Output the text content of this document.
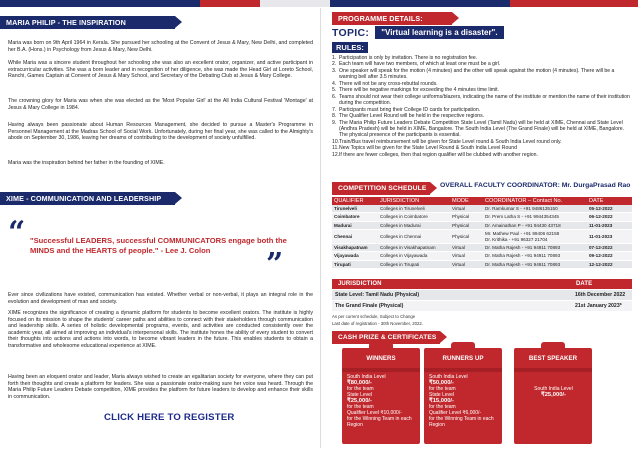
MARIA PHILIP - THE INSPIRATION
Maria was born on 9th April 1964 in Kerala. She pursued her schooling at the Convent of Jesus & Mary, New Delhi, and completed her B.A. (Hons.) in Psychology from Jesus & Mary, New Delhi.
While Maria was a sincere student throughout her schooling she was also an excellent orator, organizer, and active participant in extracurricular activities. She was a born leader and in recognition of her diligence, she was made the Head Girl at Loreto School, Ranchi, Games Captain at Convent of Jesus & Mary School, and Secretary of the Debating Club at Jesus & Mary College.
The crowning glory for Maria was when she was elected as the 'Most Popular Girl' at the All India Cultural Festival 'Montage' at Jesus & Mary College in 1984.
Having always been passionate about Human Resources Management, she decided to pursue a Master's Programme in Personnel Management at the Madras School of Social Work. Unfortunately, during her final year, she was called to the Almighty's abode on September 30, 1986, leaving her dreams of contributing to the development of society unfulfilled.
Maria was the inspiration behind her father in the founding of XIME.
XIME - COMMUNICATION AND LEADERSHIP
“ "Successful LEADERS, successful COMMUNICATORS engage both the MINDS and the HEARTS of people." - Lee J. Colon	”
Ever since civilizations have existed, communication has existed. Whether verbal or non-verbal, it plays an integral role in the evolution and development of man and society.
XIME recognizes the significance of creating a dynamic platform for students to become excellent orators. The institute is highly focused on its mission to shape the students' career paths and abilities to connect with their stakeholders through communication and leadership skills. A series of holistic developmental programs, events, and activities are conducted consistently over the academic year, all aimed at improving an individual's interpersonal skills. The institute hones the ability of every student to convert their thoughts into actions and actions into words, to become vibrant leaders in the future. This enables students to obtain a transformative and wholesome educational experience at XIME.
Having been an eloquent orator and leader, Maria always wished to create an egalitarian society for everyone, where they can put forth their thoughts and create a platform for leaders. She was a passionate orator-making sure her voice was heard. Through the Maria Philip Future Leaders Debate competition, XIME provides the platform for future leaders to develop and enhance their skills in communication.
CLICK HERE TO REGISTER
PROGRAMME DETAILS:
TOPIC:	"Virtual learning is a disaster".
RULES:
1. Participation is only by invitation. There is no registration fee.
2. Each team will have two members, of which at least one must be a girl.
3. One speaker will speak for the motion (4 minutes) and the other will speak against the motion (4 minutes). There will be a warning bell after 3.5 minutes.
4. There will not be any cross-rebuttal rounds.
5. There will be negative markings for exceeding the 4 minutes time limit.
6. Teams should not wear their college uniforms/blazers, indicating the name of the institute or mention the name of their institution during the competition.
7. Participants must bring their College ID cards for participation.
8. The Qualifier Level Round will be held in the respective regions.
9. The Maria Philip Future Leaders Debate Competition State Level (Tamil Nadu) will be held at XIME, Chennai and State Level (Andhra Pradesh) will be held in XIME, Bangalore. The South India Level (The Grand Finale) will be held at XIME, Bangalore. The physical presence of the participants is essential.
10. Train/Bus travel reimbursement will be given for State Level round & South India Level round only.
11. New Topics will be given for the State Level Round & South India Level Round
12. If there are fewer colleges, then that region qualifier will be clubbed with another region.
COMPETITION SCHEDULE	OVERALL FACULTY COORDINATOR: Mr. DurgaPrasad Rao
QUALIFIER	JURISDICTION	MODE	COORDINATOR – Contact No.	DATE
Tirunelveli	Colleges in Tirunelveli	Virtual	Dr. Ramkumar S - +91 9486135150	05-12-2022
Coimbatore	Colleges in Coimbatore	Physical	Dr. Prem Latha S - +91 9944354345	06-12-2022
Madurai	Colleges in Madurai	Physical	Dr. Amainathan P - +91 94430 43718	11-01-2023
Chennai	Colleges in Chennai	Physical	Mr. Mathew Paul - +91 99406 62158
Dr. Krithika - +91 96327 21704	11-01-2023
Visakhapatnam	Colleges in Visakhapatnam	Virtual	Dr. Matha Rajesh - +91 94911 70893	07-12-2022
Vijayawada	Colleges in Vijayawada	Virtual	Dr. Matha Rajesh - +91 94911 70893	09-12-2022
Tirupati	Colleges in Tirupati	Virtual	Dr. Matha Rajesh - +91 94911 70893	12-12-2022
JURISDICTION	DATE
State Level: Tamil Nadu (Physical)	16th December 2022
The Grand Finale (Physical)	21st January 2023*
As per current schedule, Subject to Change
Last date of registration - 30th November, 2022.
CASH PRIZE & CERTIFICATES
WINNERS
South India Level
₹80,000/-
for the team
State Level
₹25,000/-
for the team
Qualifier Level ₹10,000/-
for the Winning Team in each Region
RUNNERS UP
South India Level
₹50,000/-
for the team
State Level
₹15,000/-
for the team
Qualifier Level ₹6,000/-
for the Winning Team in each Region
BEST SPEAKER
South India Level
₹25,000/-
